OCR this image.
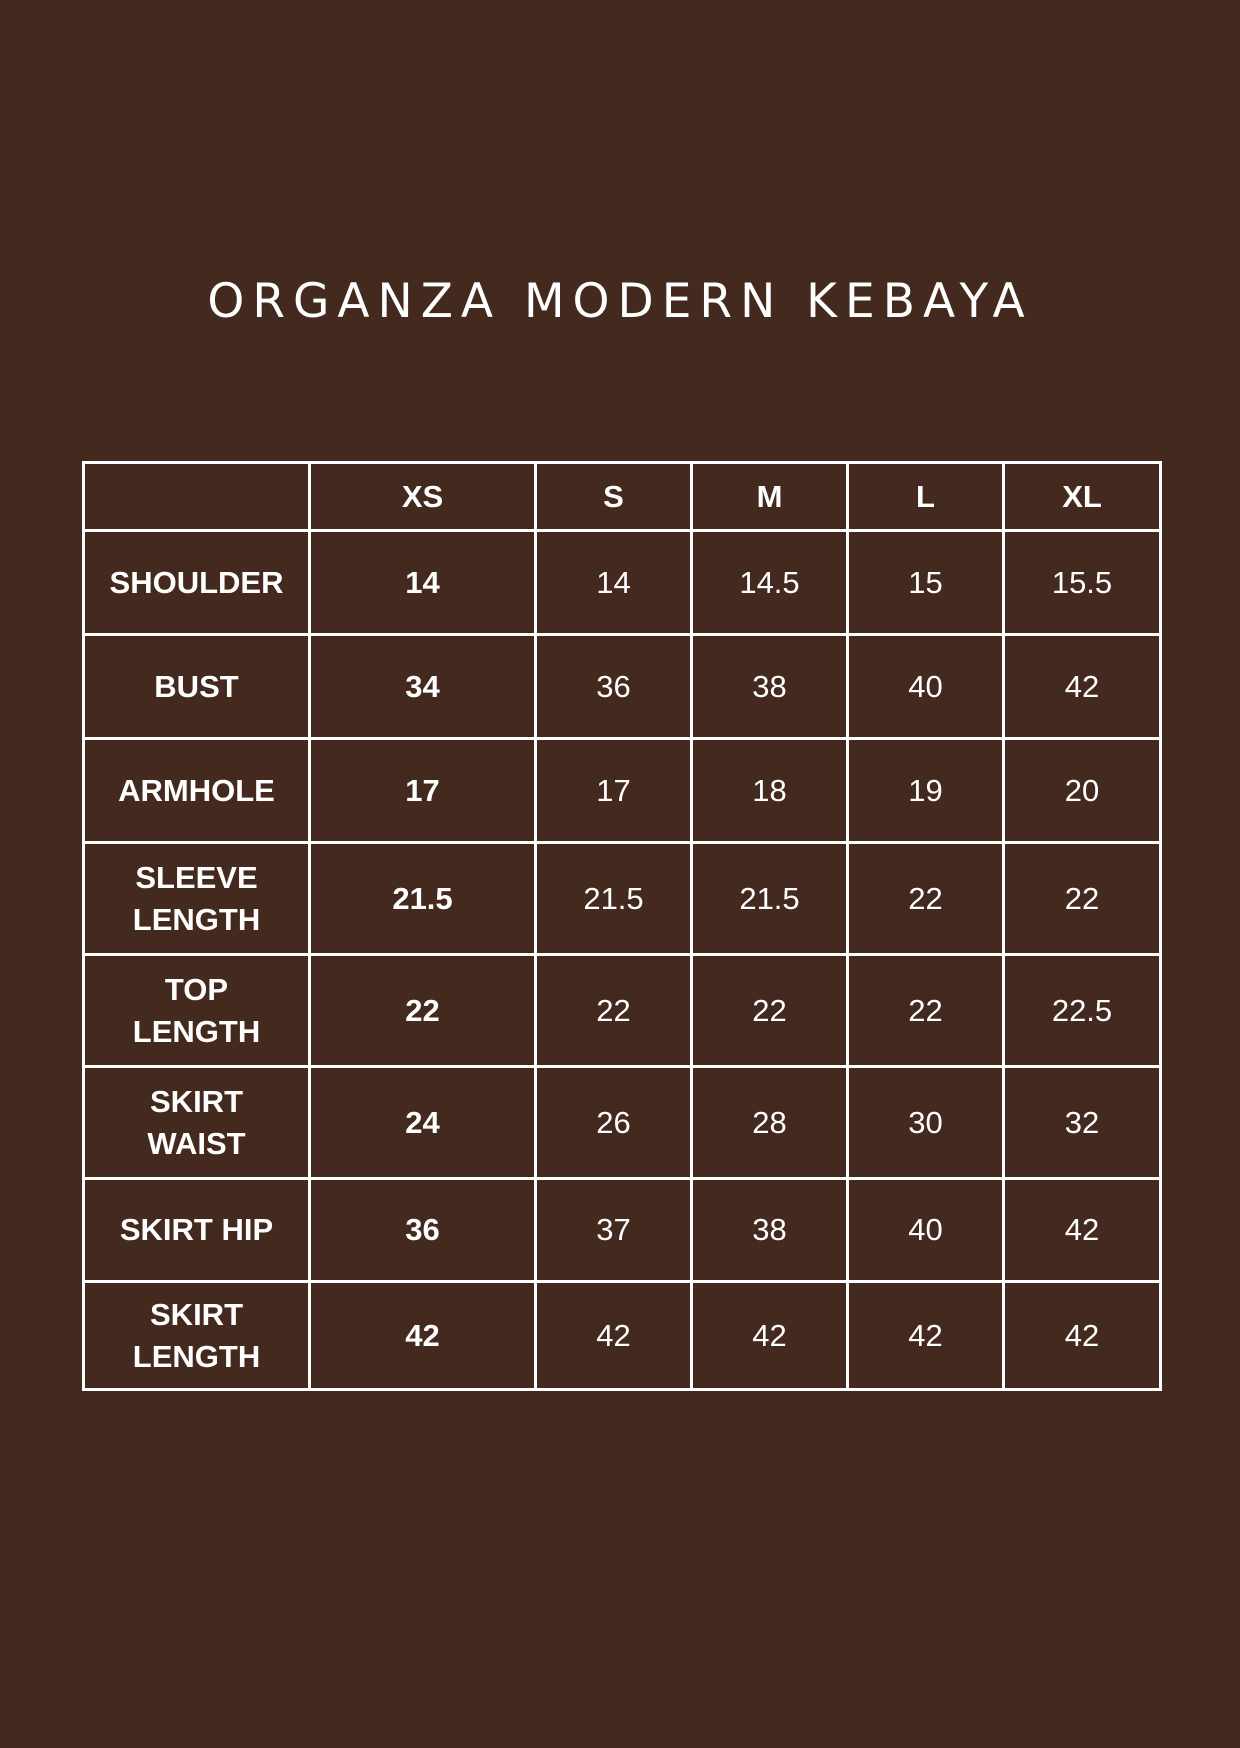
ORGANZA MODERN KEBAYA
	XS	S	M	L	XL
SHOULDER	14	14	14.5	15	15.5
BUST	34	36	38	40	42
ARMHOLE	17	17	18	19	20
SLEEVE
LENGTH	21.5	21.5	21.5	22	22
TOP
LENGTH	22	22	22	22	22.5
SKIRT
WAIST	24	26	28	30	32
SKIRT HIP	36	37	38	40	42
SKIRT
LENGTH	42	42	42	42	42
